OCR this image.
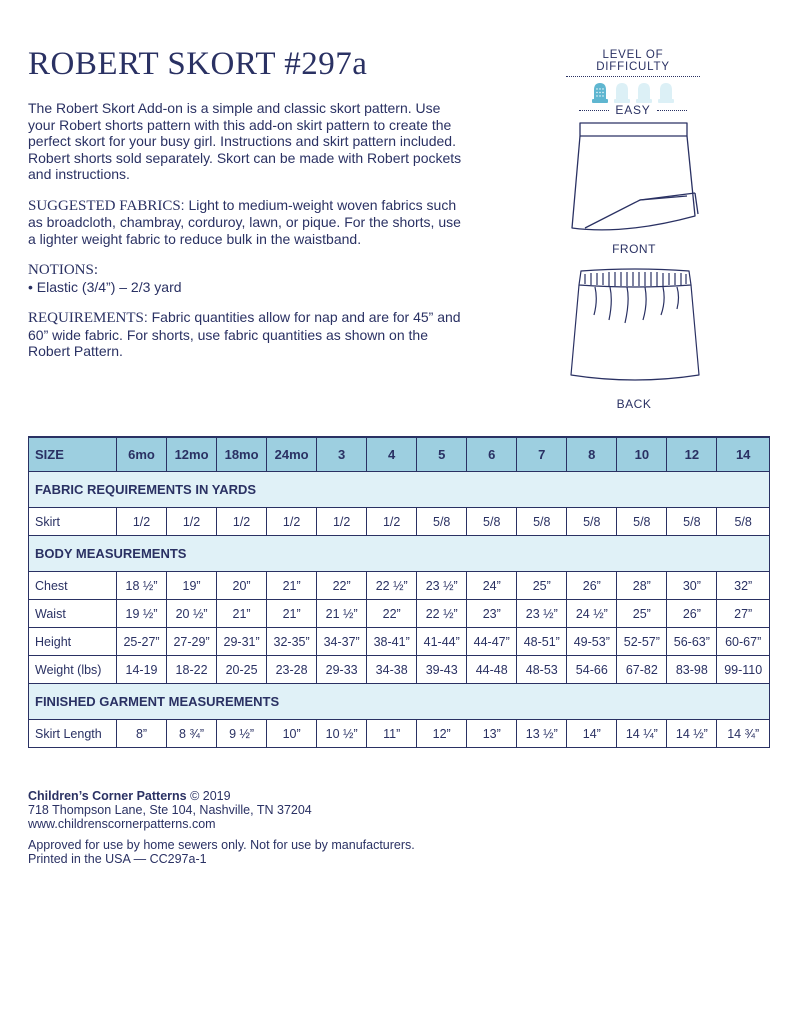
ROBERT SKORT #297a

The Robert Skort Add-on is a simple and classic skort pattern. Use your Robert shorts pattern with this add-on skirt pattern to create the perfect skort for your busy girl. Instructions and skirt pattern included. Robert shorts sold separately. Skort can be made with Robert pockets and instructions.

SUGGESTED FABRICS: Light to medium-weight woven fabrics such as broadcloth, chambray, corduroy, lawn, or pique. For the shorts, use a lighter weight fabric to reduce bulk in the waistband.

NOTIONS:
• Elastic (3/4”) – 2/3 yard

REQUIREMENTS: Fabric quantities allow for nap and are for 45” and 60” wide fabric. For shorts, use fabric quantities as shown on the Robert Pattern.

LEVEL OF DIFFICULTY
EASY
FRONT
BACK
SIZE	6mo	12mo	18mo	24mo	3	4	5	6	7	8	10	12	14
FABRIC REQUIREMENTS IN YARDS													
Skirt	1/2	1/2	1/2	1/2	1/2	1/2	5/8	5/8	5/8	5/8	5/8	5/8	5/8
BODY MEASUREMENTS													
Chest	18 ½”	19”	20”	21”	22”	22 ½”	23 ½”	24”	25”	26”	28”	30”	32”
Waist	19 ½”	20 ½”	21”	21”	21 ½”	22”	22 ½”	23”	23 ½”	24 ½”	25”	26”	27”
Height	25-27”	27-29”	29-31”	32-35”	34-37”	38-41”	41-44”	44-47”	48-51”	49-53”	52-57”	56-63”	60-67”
Weight (lbs)	14-19	18-22	20-25	23-28	29-33	34-38	39-43	44-48	48-53	54-66	67-82	83-98	99-110
FINISHED GARMENT MEASUREMENTS													
Skirt Length	8”	8 ¾”	9 ½”	10”	10 ½”	11”	12”	13”	13 ½”	14”	14 ¼”	14 ½”	14 ¾”

Children’s Corner Patterns © 2019

718 Thompson Lane, Ste 104, Nashville, TN 37204

www.childrenscornerpatterns.com

Approved for use by home sewers only. Not for use by manufacturers.

Printed in the USA — CC297a-1
